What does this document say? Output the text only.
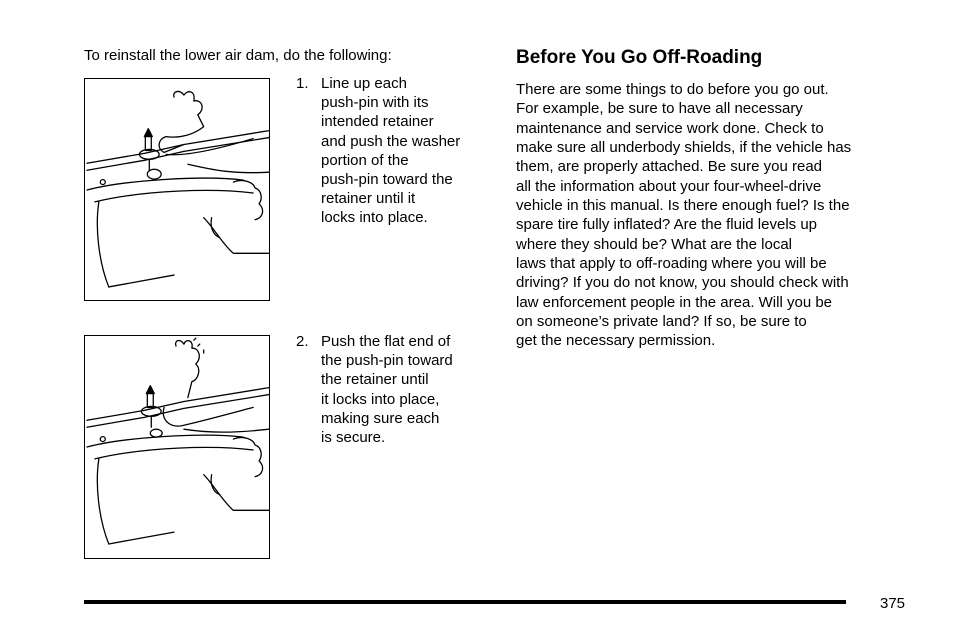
To reinstall the lower air dam, do the following:
1. Line up each
push-pin with its
intended retainer
and push the washer
portion of the
push-pin toward the
retainer until it
locks into place.
2. Push the flat end of
the push-pin toward
the retainer until
it locks into place,
making sure each
is secure.
Before You Go Off-Roading
There are some things to do before you go out.
For example, be sure to have all necessary
maintenance and service work done. Check to
make sure all underbody shields, if the vehicle has
them, are properly attached. Be sure you read
all the information about your four-wheel-drive
vehicle in this manual. Is there enough fuel? Is the
spare tire fully inflated? Are the fluid levels up
where they should be? What are the local
laws that apply to off-roading where you will be
driving? If you do not know, you should check with
law enforcement people in the area. Will you be
on someone’s private land? If so, be sure to
get the necessary permission.
375
